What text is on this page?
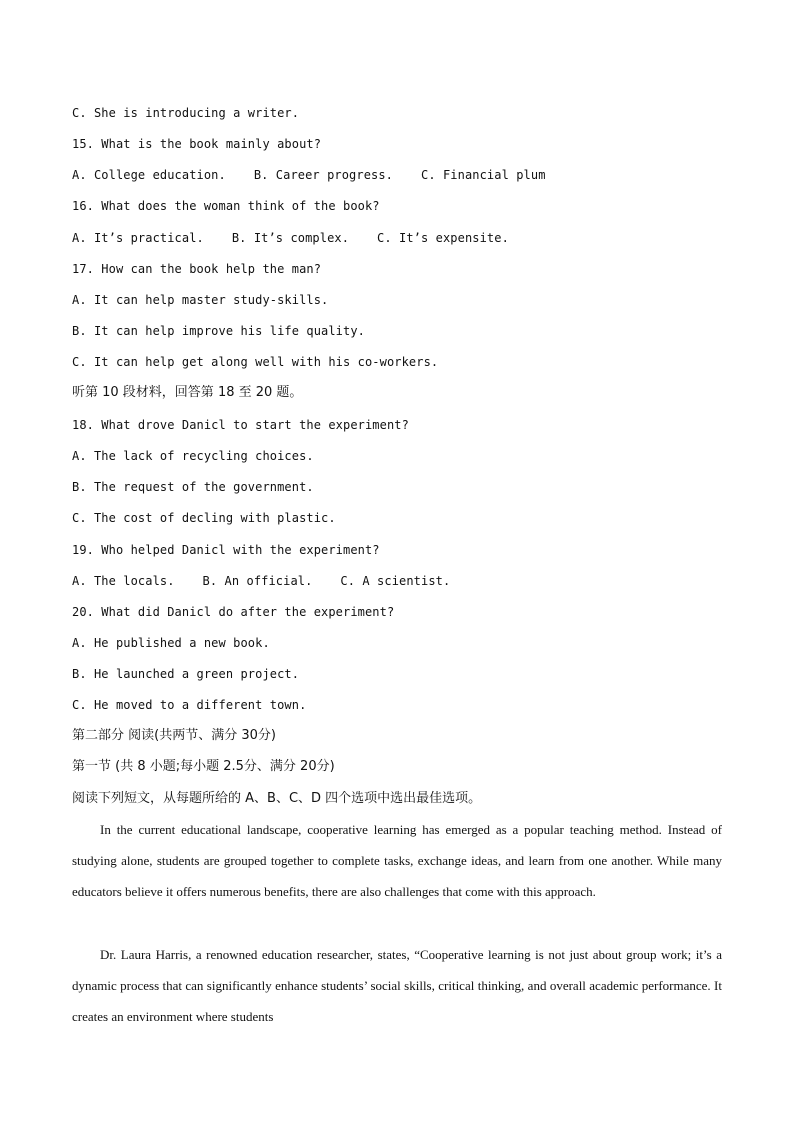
C. She is introducing a writer.
15. What is the book mainly about?
A. College education. B. Career progress. C. Financial plum
16. What does the woman think of the book?
A. It’s practical. B. It’s complex. C. It’s expensite.
17. How can the book help the man?
A. It can help master study-skills.
B. It can help improve his life quality.
C. It can help get along well with his co-workers.
听第 10 段材料，回答第 18 至 20 题。
18. What drove Danicl to start the experiment?
A. The lack of recycling choices.
B. The request of the government.
C. The cost of decling with plastic.
19. Who helped Danicl with the experiment?
A. The locals. B. An official. C. A scientist.
20. What did Danicl do after the experiment?
A. He published a new book.
B. He launched a green project.
C. He moved to a different town.
第二部分 阅读(共两节、满分 30分)
第一节 (共 8 小题;每小题 2.5分、满分 20分)
阅读下列短文，从每题所给的 A、B、C、D 四个选项中选出最佳选项。
In the current educational landscape, cooperative learning has emerged as a popular teaching method. Instead of studying alone, students are grouped together to complete tasks, exchange ideas, and learn from one another. While many educators believe it offers numerous benefits, there are also challenges that come with this approach.
Dr. Laura Harris, a renowned education researcher, states, “Cooperative learning is not just about group work; it’s a dynamic process that can significantly enhance students’ social skills, critical thinking, and overall academic performance. It creates an environment where students
